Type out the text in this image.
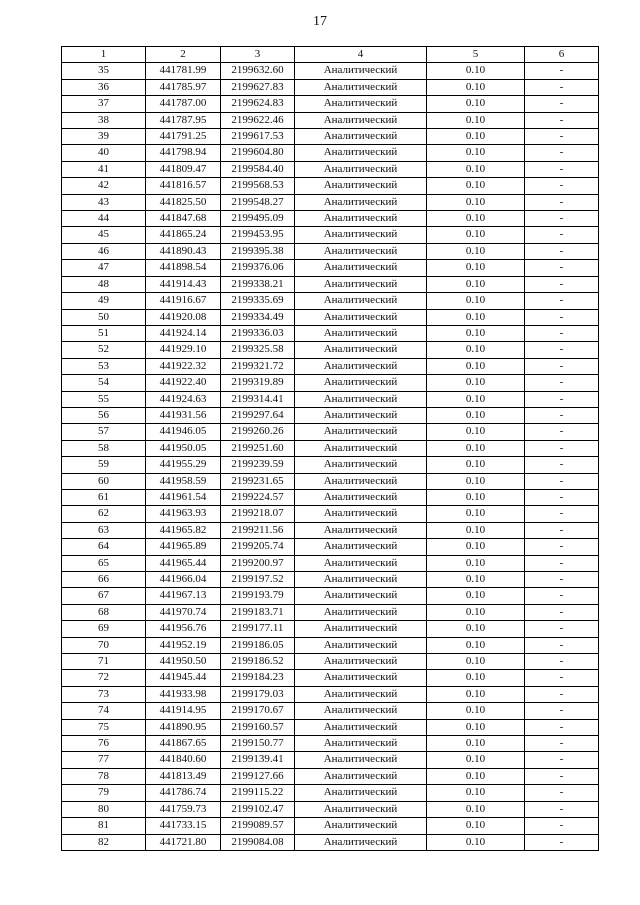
17
1	2	3	4	5	6
35	441781.99	2199632.60	Аналитический	0.10	-
36	441785.97	2199627.83	Аналитический	0.10	-
37	441787.00	2199624.83	Аналитический	0.10	-
38	441787.95	2199622.46	Аналитический	0.10	-
39	441791.25	2199617.53	Аналитический	0.10	-
40	441798.94	2199604.80	Аналитический	0.10	-
41	441809.47	2199584.40	Аналитический	0.10	-
42	441816.57	2199568.53	Аналитический	0.10	-
43	441825.50	2199548.27	Аналитический	0.10	-
44	441847.68	2199495.09	Аналитический	0.10	-
45	441865.24	2199453.95	Аналитический	0.10	-
46	441890.43	2199395.38	Аналитический	0.10	-
47	441898.54	2199376.06	Аналитический	0.10	-
48	441914.43	2199338.21	Аналитический	0.10	-
49	441916.67	2199335.69	Аналитический	0.10	-
50	441920.08	2199334.49	Аналитический	0.10	-
51	441924.14	2199336.03	Аналитический	0.10	-
52	441929.10	2199325.58	Аналитический	0.10	-
53	441922.32	2199321.72	Аналитический	0.10	-
54	441922.40	2199319.89	Аналитический	0.10	-
55	441924.63	2199314.41	Аналитический	0.10	-
56	441931.56	2199297.64	Аналитический	0.10	-
57	441946.05	2199260.26	Аналитический	0.10	-
58	441950.05	2199251.60	Аналитический	0.10	-
59	441955.29	2199239.59	Аналитический	0.10	-
60	441958.59	2199231.65	Аналитический	0.10	-
61	441961.54	2199224.57	Аналитический	0.10	-
62	441963.93	2199218.07	Аналитический	0.10	-
63	441965.82	2199211.56	Аналитический	0.10	-
64	441965.89	2199205.74	Аналитический	0.10	-
65	441965.44	2199200.97	Аналитический	0.10	-
66	441966.04	2199197.52	Аналитический	0.10	-
67	441967.13	2199193.79	Аналитический	0.10	-
68	441970.74	2199183.71	Аналитический	0.10	-
69	441956.76	2199177.11	Аналитический	0.10	-
70	441952.19	2199186.05	Аналитический	0.10	-
71	441950.50	2199186.52	Аналитический	0.10	-
72	441945.44	2199184.23	Аналитический	0.10	-
73	441933.98	2199179.03	Аналитический	0.10	-
74	441914.95	2199170.67	Аналитический	0.10	-
75	441890.95	2199160.57	Аналитический	0.10	-
76	441867.65	2199150.77	Аналитический	0.10	-
77	441840.60	2199139.41	Аналитический	0.10	-
78	441813.49	2199127.66	Аналитический	0.10	-
79	441786.74	2199115.22	Аналитический	0.10	-
80	441759.73	2199102.47	Аналитический	0.10	-
81	441733.15	2199089.57	Аналитический	0.10	-
82	441721.80	2199084.08	Аналитический	0.10	-
